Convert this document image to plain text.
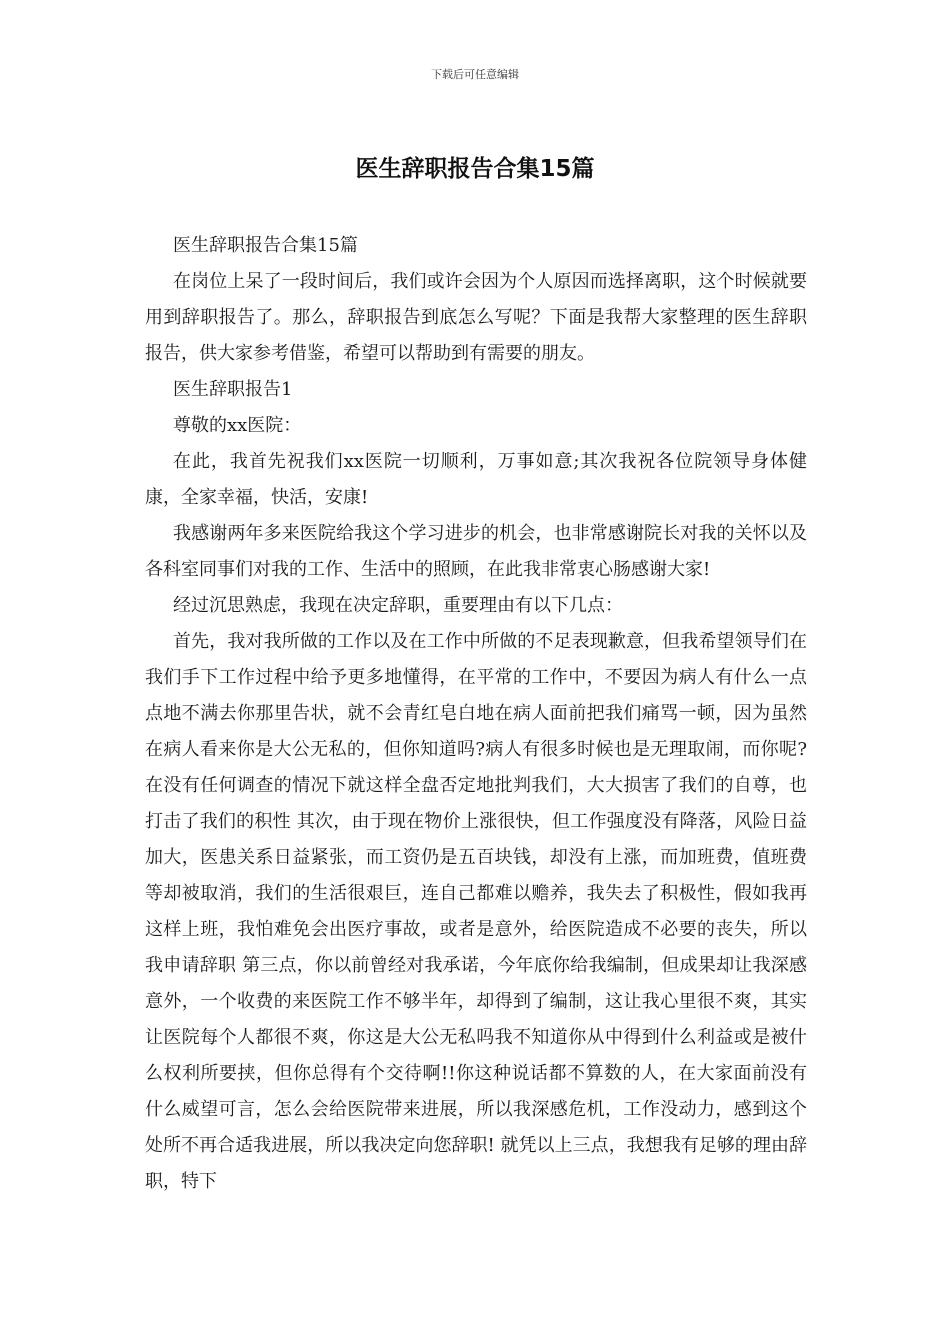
下载后可任意编辑
医生辞职报告合集15篇

医生辞职报告合集15篇

在岗位上呆了一段时间后，我们或许会因为个人原因而选择离职，这个时候就要用到辞职报告了。那么，辞职报告到底怎么写呢？下面是我帮大家整理的医生辞职报告，供大家参考借鉴，希望可以帮助到有需要的朋友。

医生辞职报告1

尊敬的xx医院：

在此，我首先祝我们xx医院一切顺利，万事如意;其次我祝各位院领导身体健康，全家幸福，快活，安康!

我感谢两年多来医院给我这个学习进步的机会，也非常感谢院长对我的关怀以及各科室同事们对我的工作、生活中的照顾，在此我非常衷心肠感谢大家!

经过沉思熟虑，我现在决定辞职，重要理由有以下几点：

首先，我对我所做的工作以及在工作中所做的不足表现歉意，但我希望领导们在我们手下工作过程中给予更多地懂得，在平常的工作中，不要因为病人有什么一点点地不满去你那里告状，就不会青红皂白地在病人面前把我们痛骂一顿，因为虽然在病人看来你是大公无私的，但你知道吗?病人有很多时候也是无理取闹，而你呢?在没有任何调查的情况下就这样全盘否定地批判我们，大大损害了我们的自尊，也打击了我们的积性 其次，由于现在物价上涨很快，但工作强度没有降落，风险日益加大，医患关系日益紧张，而工资仍是五百块钱，却没有上涨，而加班费，值班费等却被取消，我们的生活很艰巨，连自己都难以赡养，我失去了积极性，假如我再这样上班，我怕难免会出医疗事故，或者是意外，给医院造成不必要的丧失，所以我申请辞职 第三点，你以前曾经对我承诺，今年底你给我编制，但成果却让我深感意外，一个收费的来医院工作不够半年，却得到了编制，这让我心里很不爽，其实让医院每个人都很不爽，你这是大公无私吗我不知道你从中得到什么利益或是被什么权利所要挟，但你总得有个交待啊!!你这种说话都不算数的人，在大家面前没有什么威望可言，怎么会给医院带来进展，所以我深感危机，工作没动力，感到这个处所不再合适我进展，所以我决定向您辞职! 就凭以上三点，我想我有足够的理由辞职，特下
